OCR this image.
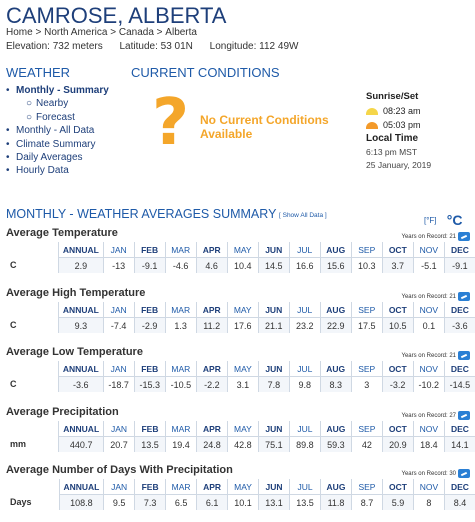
CAMROSE, ALBERTA
Home > North America > Canada > Alberta
Elevation: 732 meters Latitude: 53 01N Longitude: 112 49W
WEATHER
• Monthly - Summary
○ Nearby
○ Forecast
• Monthly - All Data
• Climate Summary
• Daily Averages
• Hourly Data
CURRENT CONDITIONS
? No Current Conditions
Available
Sunrise/Set
08:23 am
05:03 pm
Local Time
6:13 pm MST
25 January, 2019
MONTHLY - WEATHER AVERAGES SUMMARY [ Show All Data ]
[°F] °C
Average Temperature	Years on Record: 21
	ANNUAL	JAN	FEB	MAR	APR	MAY	JUN	JUL	AUG	SEP	OCT	NOV	DEC
C	2.9	-13	-9.1	-4.6	4.6	10.4	14.5	16.6	15.6	10.3	3.7	-5.1	-9.1
Average High Temperature	Years on Record: 21
	ANNUAL	JAN	FEB	MAR	APR	MAY	JUN	JUL	AUG	SEP	OCT	NOV	DEC
C	9.3	-7.4	-2.9	1.3	11.2	17.6	21.1	23.2	22.9	17.5	10.5	0.1	-3.6
Average Low Temperature	Years on Record: 21
	ANNUAL	JAN	FEB	MAR	APR	MAY	JUN	JUL	AUG	SEP	OCT	NOV	DEC
C	-3.6	-18.7	-15.3	-10.5	-2.2	3.1	7.8	9.8	8.3	3	-3.2	-10.2	-14.5
Average Precipitation	Years on Record: 27
	ANNUAL	JAN	FEB	MAR	APR	MAY	JUN	JUL	AUG	SEP	OCT	NOV	DEC
mm	440.7	20.7	13.5	19.4	24.8	42.8	75.1	89.8	59.3	42	20.9	18.4	14.1
Average Number of Days With Precipitation	Years on Record: 30
	ANNUAL	JAN	FEB	MAR	APR	MAY	JUN	JUL	AUG	SEP	OCT	NOV	DEC
Days	108.8	9.5	7.3	6.5	6.1	10.1	13.1	13.5	11.8	8.7	5.9	8	8.4
